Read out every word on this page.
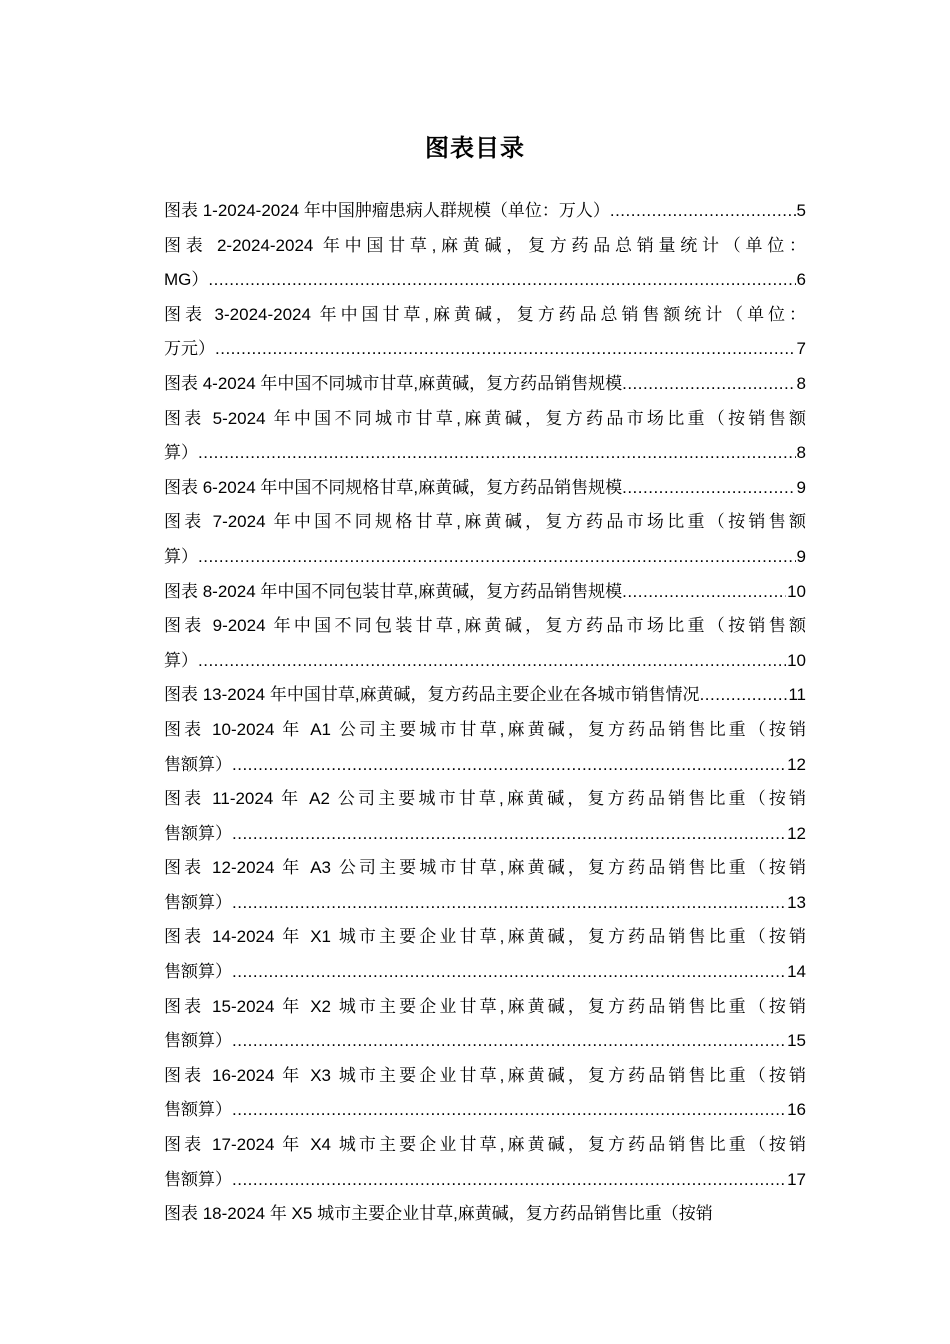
图表目录
图表 1-2024-2024 年中国肿瘤患病人群规模（单位：万人） .....	5
图表 2-2024-2024 年中国甘草,麻黄碱，复方药品总销量统计（单位：
MG） .....	6
图表 3-2024-2024 年中国甘草,麻黄碱，复方药品总销售额统计（单位：
万元） .....	7
图表 4-2024 年中国不同城市甘草,麻黄碱，复方药品销售规模 .....	8
图表 5-2024 年中国不同城市甘草,麻黄碱，复方药品市场比重（按销售额
算） .....	8
图表 6-2024 年中国不同规格甘草,麻黄碱，复方药品销售规模 .....	9
图表 7-2024 年中国不同规格甘草,麻黄碱，复方药品市场比重（按销售额
算） .....	9
图表 8-2024 年中国不同包装甘草,麻黄碱，复方药品销售规模 .....	10
图表 9-2024 年中国不同包装甘草,麻黄碱，复方药品市场比重（按销售额
算） .....	10
图表 13-2024 年中国甘草,麻黄碱，复方药品主要企业在各城市销售情况 .....	11
图表 10-2024 年 A1 公司主要城市甘草,麻黄碱，复方药品销售比重（按销
售额算） .....	12
图表 11-2024 年 A2 公司主要城市甘草,麻黄碱，复方药品销售比重（按销
售额算） .....	12
图表 12-2024 年 A3 公司主要城市甘草,麻黄碱，复方药品销售比重（按销
售额算） .....	13
图表 14-2024 年 X1 城市主要企业甘草,麻黄碱，复方药品销售比重（按销
售额算） .....	14
图表 15-2024 年 X2 城市主要企业甘草,麻黄碱，复方药品销售比重（按销
售额算） .....	15
图表 16-2024 年 X3 城市主要企业甘草,麻黄碱，复方药品销售比重（按销
售额算） .....	16
图表 17-2024 年 X4 城市主要企业甘草,麻黄碱，复方药品销售比重（按销
售额算） .....	17
图表 18-2024 年 X5 城市主要企业甘草,麻黄碱，复方药品销售比重（按销
